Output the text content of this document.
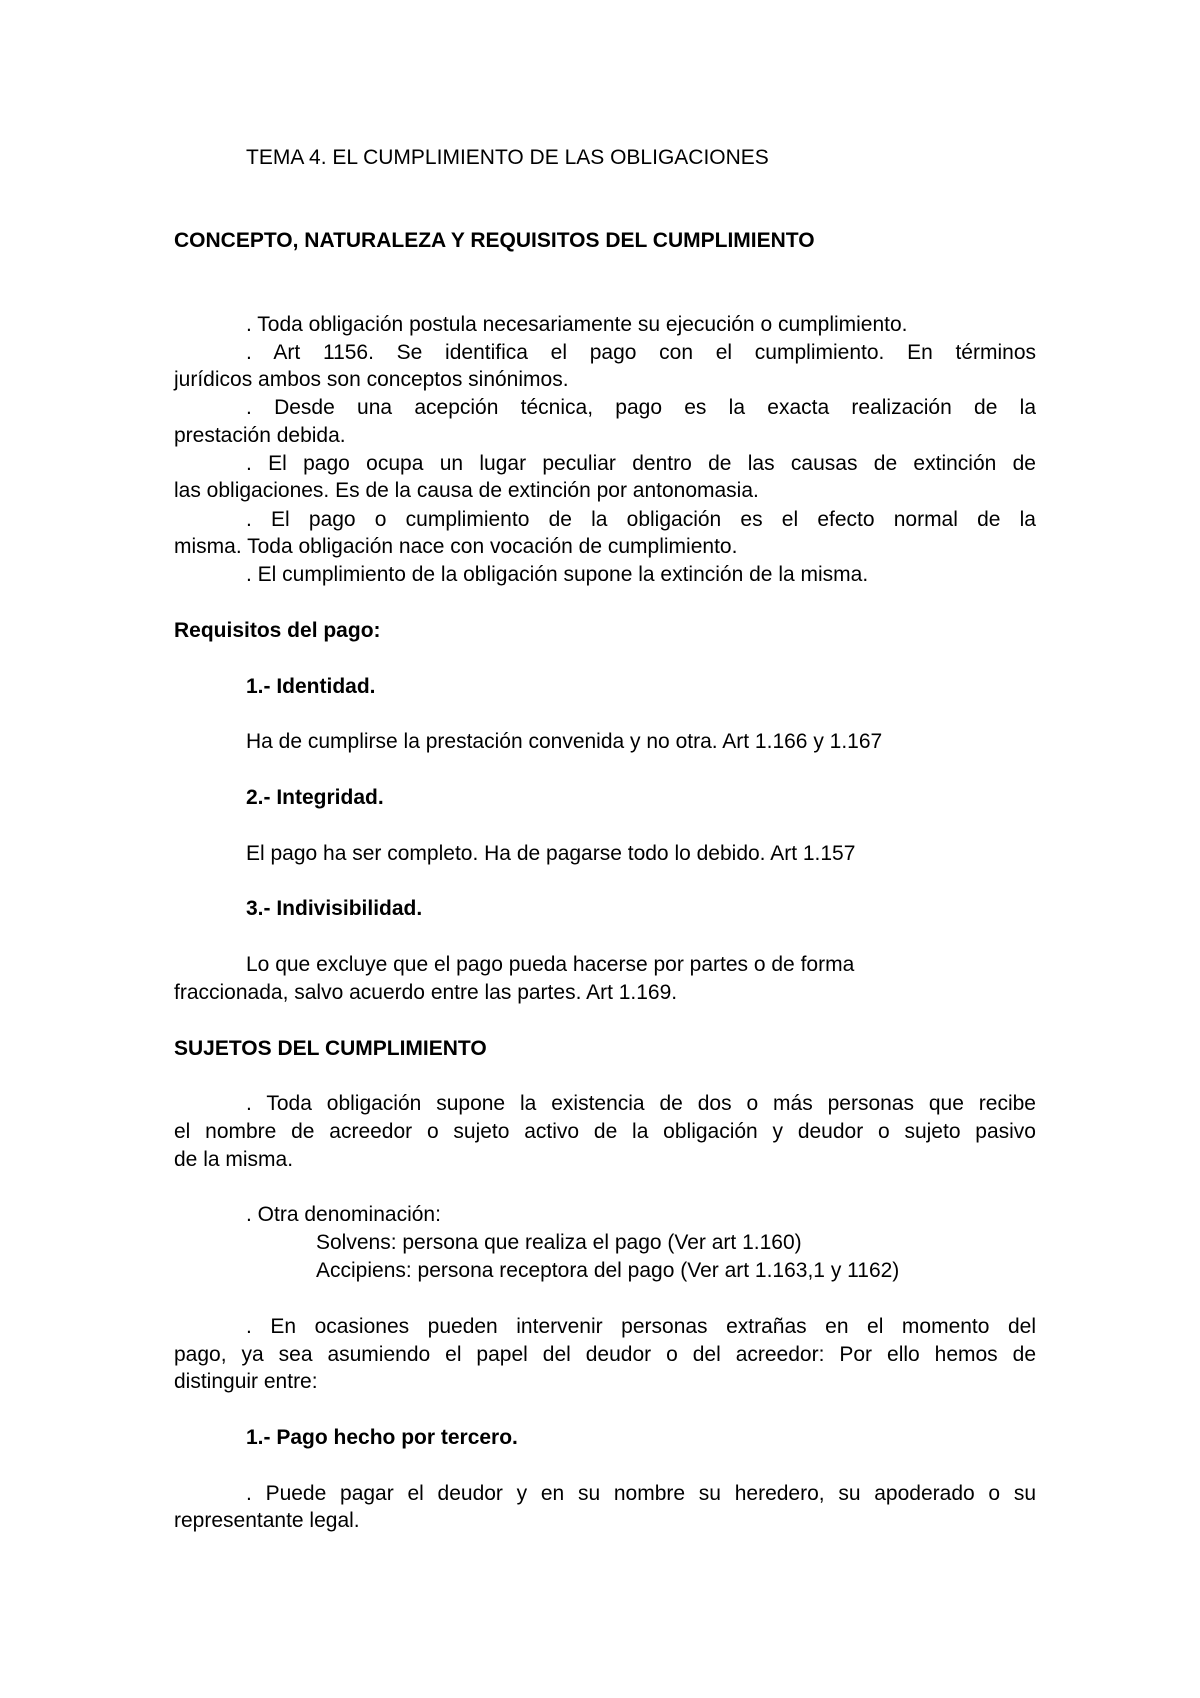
TEMA 4. EL CUMPLIMIENTO DE LAS OBLIGACIONES
CONCEPTO, NATURALEZA Y REQUISITOS DEL CUMPLIMIENTO
. Toda obligación postula necesariamente su ejecución o cumplimiento.
. Art 1156. Se identifica el pago con el cumplimiento. En términos
jurídicos ambos son conceptos sinónimos.
. Desde una acepción técnica, pago es la exacta realización de la
prestación debida.
. El pago ocupa un lugar peculiar dentro de las causas de extinción de
las obligaciones. Es de la causa de extinción por antonomasia.
. El pago o cumplimiento de la obligación es el efecto normal de la
misma. Toda obligación nace con vocación de cumplimiento.
. El cumplimiento de la obligación supone la extinción de la misma.
Requisitos del pago:
1.- Identidad.
Ha de cumplirse la prestación convenida y no otra. Art 1.166 y 1.167
2.- Integridad.
El pago ha ser completo. Ha de pagarse todo lo debido. Art 1.157
3.- Indivisibilidad.
Lo que excluye que el pago pueda hacerse por partes o de forma
fraccionada, salvo acuerdo entre las partes. Art 1.169.
SUJETOS DEL CUMPLIMIENTO
. Toda obligación supone la existencia de dos o más personas que recibe
el nombre de acreedor o sujeto activo de la obligación y deudor o sujeto pasivo
de la misma.
. Otra denominación:
Solvens: persona que realiza el pago (Ver art 1.160)
Accipiens: persona receptora del pago (Ver art 1.163,1 y 1162)
. En ocasiones pueden intervenir personas extrañas en el momento del
pago, ya sea asumiendo el papel del deudor o del acreedor: Por ello hemos de
distinguir entre:
1.- Pago hecho por tercero.
. Puede pagar el deudor y en su nombre su heredero, su apoderado o su
representante legal.
